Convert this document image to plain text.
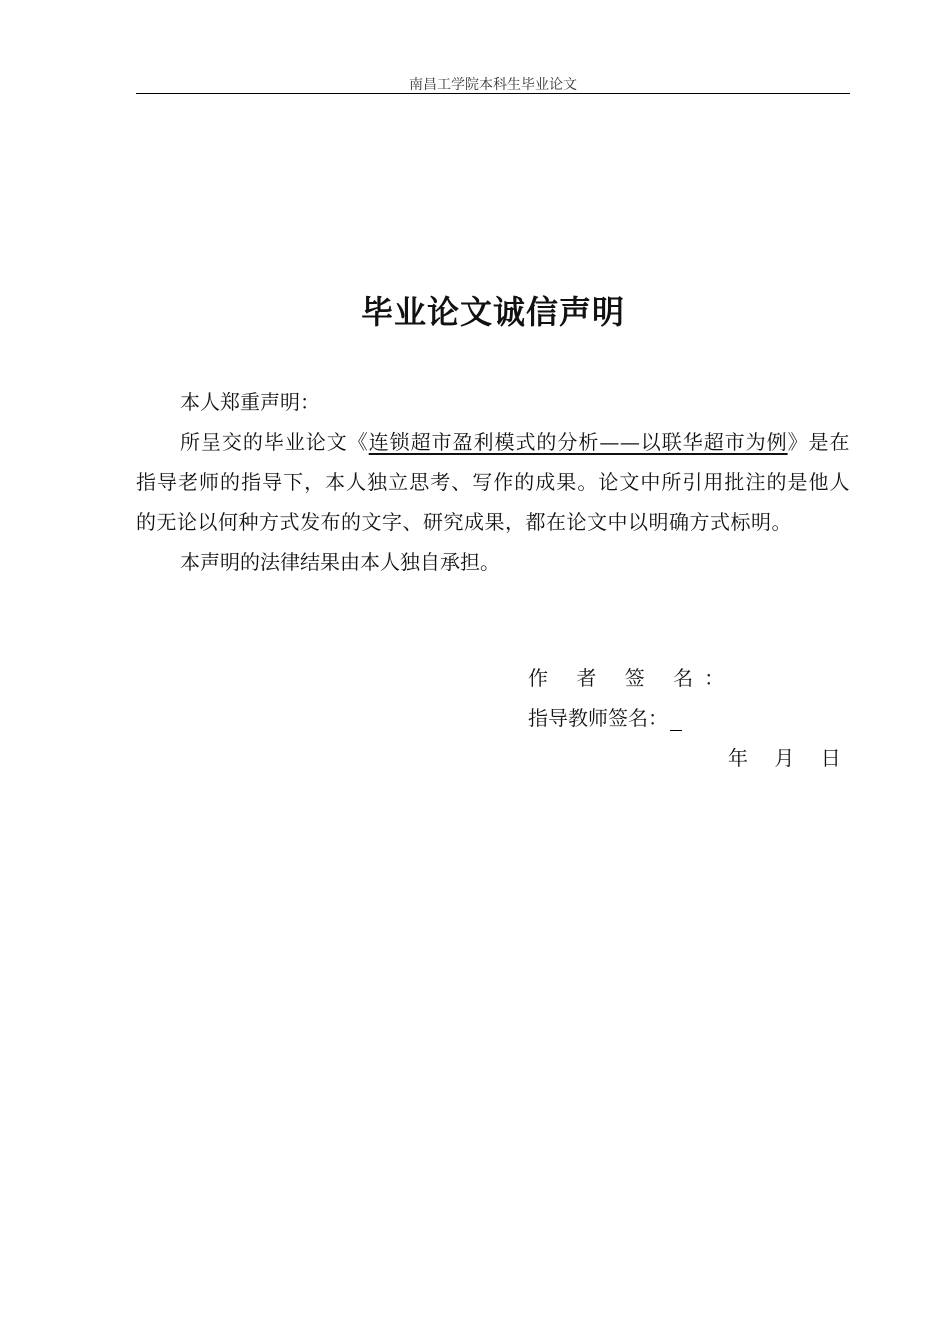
南昌工学院本科生毕业论文
毕业论文诚信声明

本人郑重声明：

所呈交的毕业论文《连锁超市盈利模式的分析——以联华超市为例》是在指导老师的指导下，本人独立思考、写作的成果。论文中所引用批注的是他人的无论以何种方式发布的文字、研究成果，都在论文中以明确方式标明。

本声明的法律结果由本人独自承担。

作 者 签 名：
指导教师签名：
年 月 日
